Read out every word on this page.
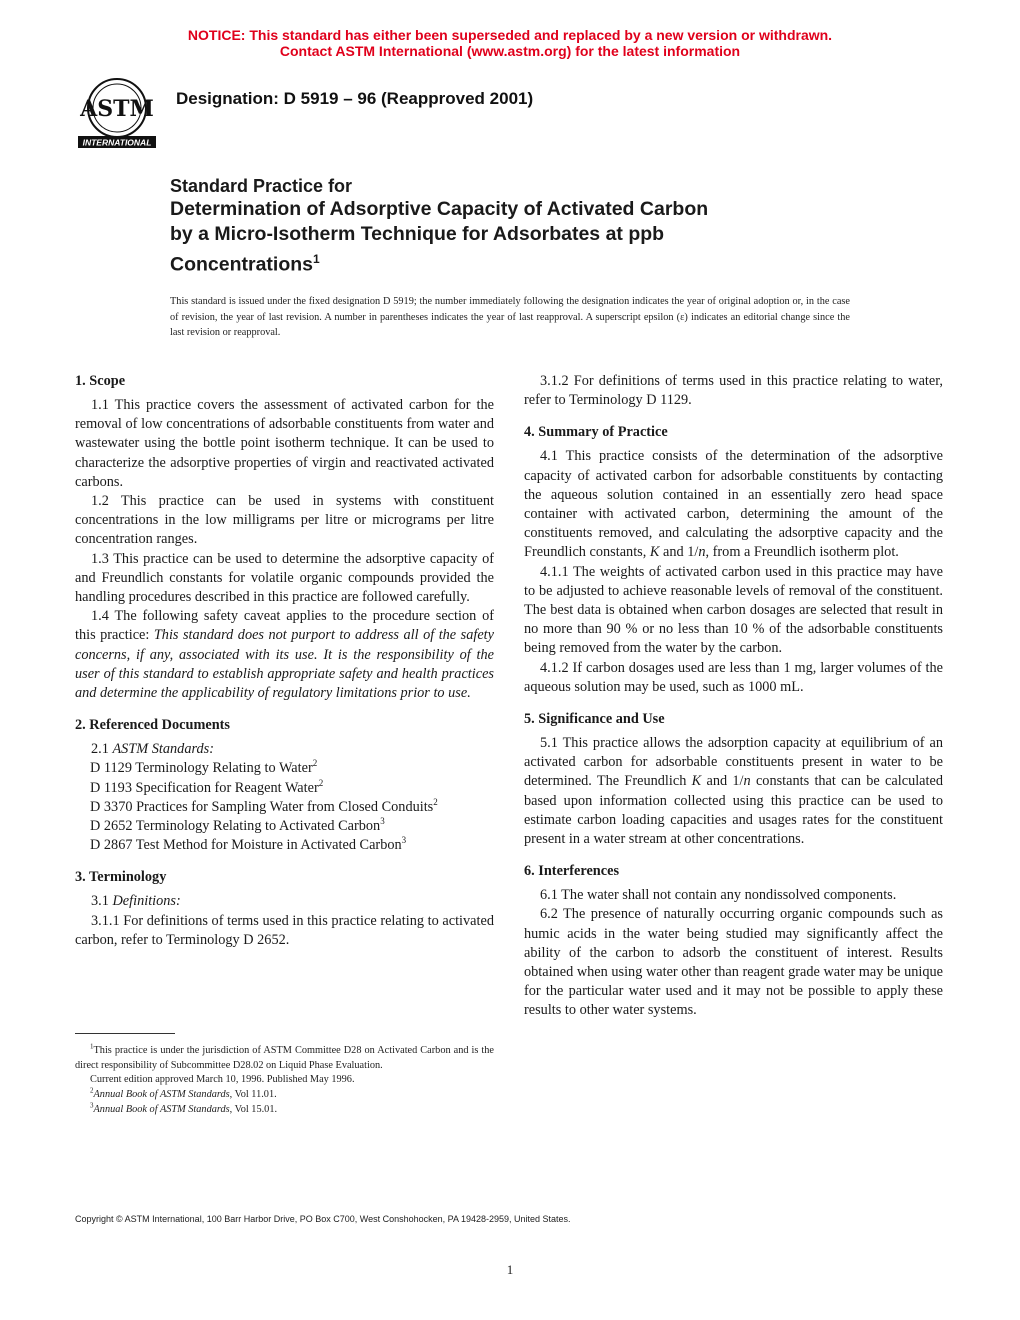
NOTICE: This standard has either been superseded and replaced by a new version or withdrawn.
Contact ASTM International (www.astm.org) for the latest information
ASTM
INTERNATIONAL
Designation: D 5919 – 96 (Reapproved 2001)
Standard Practice for
Determination of Adsorptive Capacity of Activated Carbon
by a Micro-Isotherm Technique for Adsorbates at ppb
Concentrations$^1$
This standard is issued under the fixed designation D 5919; the number immediately following the designation indicates the year of original adoption or, in the case of revision, the year of last revision. A number in parentheses indicates the year of last reapproval. A superscript epsilon (ε) indicates an editorial change since the last revision or reapproval.
1. Scope

1.1 This practice covers the assessment of activated carbon for the removal of low concentrations of adsorbable constituents from water and wastewater using the bottle point isotherm technique. It can be used to characterize the adsorptive properties of virgin and reactivated activated carbons.

1.2 This practice can be used in systems with constituent concentrations in the low milligrams per litre or micrograms per litre concentration ranges.

1.3 This practice can be used to determine the adsorptive capacity of and Freundlich constants for volatile organic compounds provided the handling procedures described in this practice are followed carefully.

1.4 The following safety caveat applies to the procedure section of this practice: This standard does not purport to address all of the safety concerns, if any, associated with its use. It is the responsibility of the user of this standard to establish appropriate safety and health practices and determine the applicability of regulatory limitations prior to use.

2. Referenced Documents

2.1 ASTM Standards:

D 1129 Terminology Relating to Water$^2$

D 1193 Specification for Reagent Water$^2$

D 3370 Practices for Sampling Water from Closed Conduits$^2$

D 2652 Terminology Relating to Activated Carbon$^3$

D 2867 Test Method for Moisture in Activated Carbon$^3$

3. Terminology

3.1 Definitions:

3.1.1 For definitions of terms used in this practice relating to activated carbon, refer to Terminology D 2652.

3.1.2 For definitions of terms used in this practice relating to water, refer to Terminology D 1129.

4. Summary of Practice

4.1 This practice consists of the determination of the adsorptive capacity of activated carbon for adsorbable constituents by contacting the aqueous solution contained in an essentially zero head space container with activated carbon, determining the amount of the constituents removed, and calculating the adsorptive capacity and the Freundlich constants, K and 1/n, from a Freundlich isotherm plot.

4.1.1 The weights of activated carbon used in this practice may have to be adjusted to achieve reasonable levels of removal of the constituent. The best data is obtained when carbon dosages are selected that result in no more than 90 % or no less than 10 % of the adsorbable constituents being removed from the water by the carbon.

4.1.2 If carbon dosages used are less than 1 mg, larger volumes of the aqueous solution may be used, such as 1000 mL.

5. Significance and Use

5.1 This practice allows the adsorption capacity at equilibrium of an activated carbon for adsorbable constituents present in water to be determined. The Freundlich K and 1/n constants that can be calculated based upon information collected using this practice can be used to estimate carbon loading capacities and usages rates for the constituent present in a water stream at other concentrations.

6. Interferences

6.1 The water shall not contain any nondissolved components.

6.2 The presence of naturally occurring organic compounds such as humic acids in the water being studied may significantly affect the ability of the carbon to adsorb the constituent of interest. Results obtained when using water other than reagent grade water may be unique for the particular water used and it may not be possible to apply these results to other water systems.

$^1$This practice is under the jurisdiction of ASTM Committee D28 on Activated Carbon and is the direct responsibility of Subcommittee D28.02 on Liquid Phase Evaluation.

Current edition approved March 10, 1996. Published May 1996.

$^2$Annual Book of ASTM Standards, Vol 11.01.

$^3$Annual Book of ASTM Standards, Vol 15.01.

Copyright © ASTM International, 100 Barr Harbor Drive, PO Box C700, West Conshohocken, PA 19428-2959, United States.
1
